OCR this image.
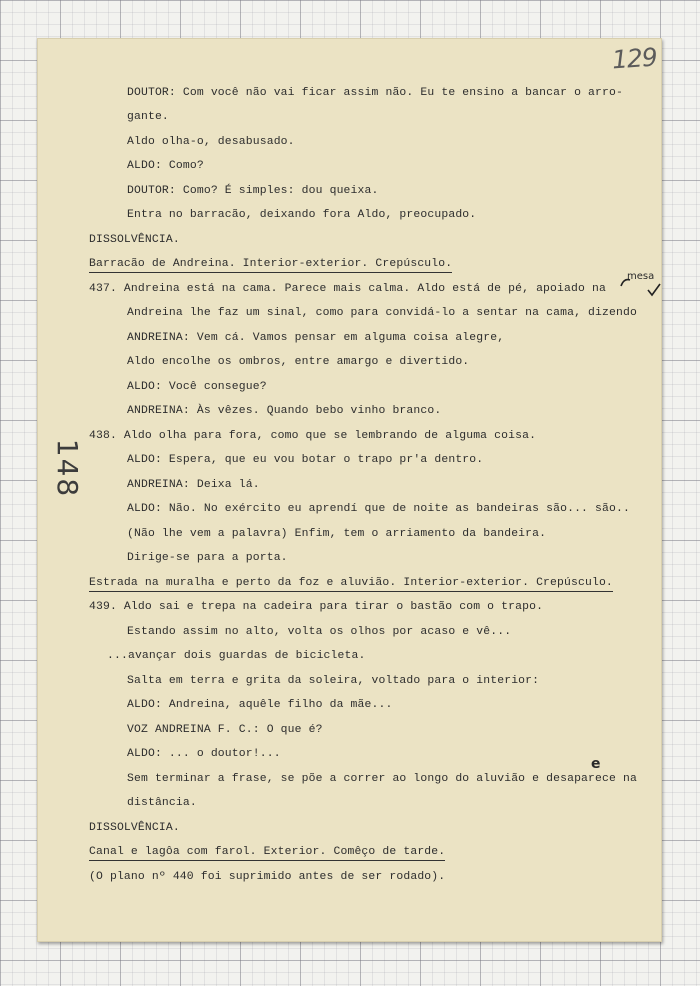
129
148
DOUTOR: Com você não vai ficar assim não. Eu te ensino a bancar o arro-
gante.
Aldo olha-o, desabusado.
ALDO: Como?
DOUTOR: Como? É simples: dou queixa.
Entra no barracão, deixando fora Aldo, preocupado.
DISSOLVÊNCIA.
Barracão de Andreina. Interior-exterior. Crepúsculo.
437. Andreina está na cama. Parece mais calma. Aldo está de pé, apoiado na
Andreina lhe faz um sinal, como para convidá-lo a sentar na cama, dizendo
ANDREINA: Vem cá. Vamos pensar em alguma coisa alegre,
Aldo encolhe os ombros, entre amargo e divertido.
ALDO: Você consegue?
ANDREINA: Às vêzes. Quando bebo vinho branco.
438. Aldo olha para fora, como que se lembrando de alguma coisa.
ALDO: Espera, que eu vou botar o trapo pr'a dentro.
ANDREINA: Deixa lá.
ALDO: Não. No exército eu aprendí que de noite as bandeiras são... são..
(Não lhe vem a palavra) Enfim, tem o arriamento da bandeira.
Dirige-se para a porta.
Estrada na muralha e perto da foz e aluvião. Interior-exterior. Crepúsculo.
439. Aldo sai e trepa na cadeira para tirar o bastão com o trapo.
Estando assim no alto, volta os olhos por acaso e vê...
...avançar dois guardas de bicicleta.
Salta em terra e grita da soleira, voltado para o interior:
ALDO: Andreina, aquêle filho da mãe...
VOZ ANDREINA F. C.: O que é?
ALDO: ... o doutor!...
Sem terminar a frase, se põe a correr ao longo do aluvião e desaparece na
distância.
DISSOLVÊNCIA.
Canal e lagôa com farol. Exterior. Comêço de tarde.
(O plano nº 440 foi suprimido antes de ser rodado).
mesa
e
